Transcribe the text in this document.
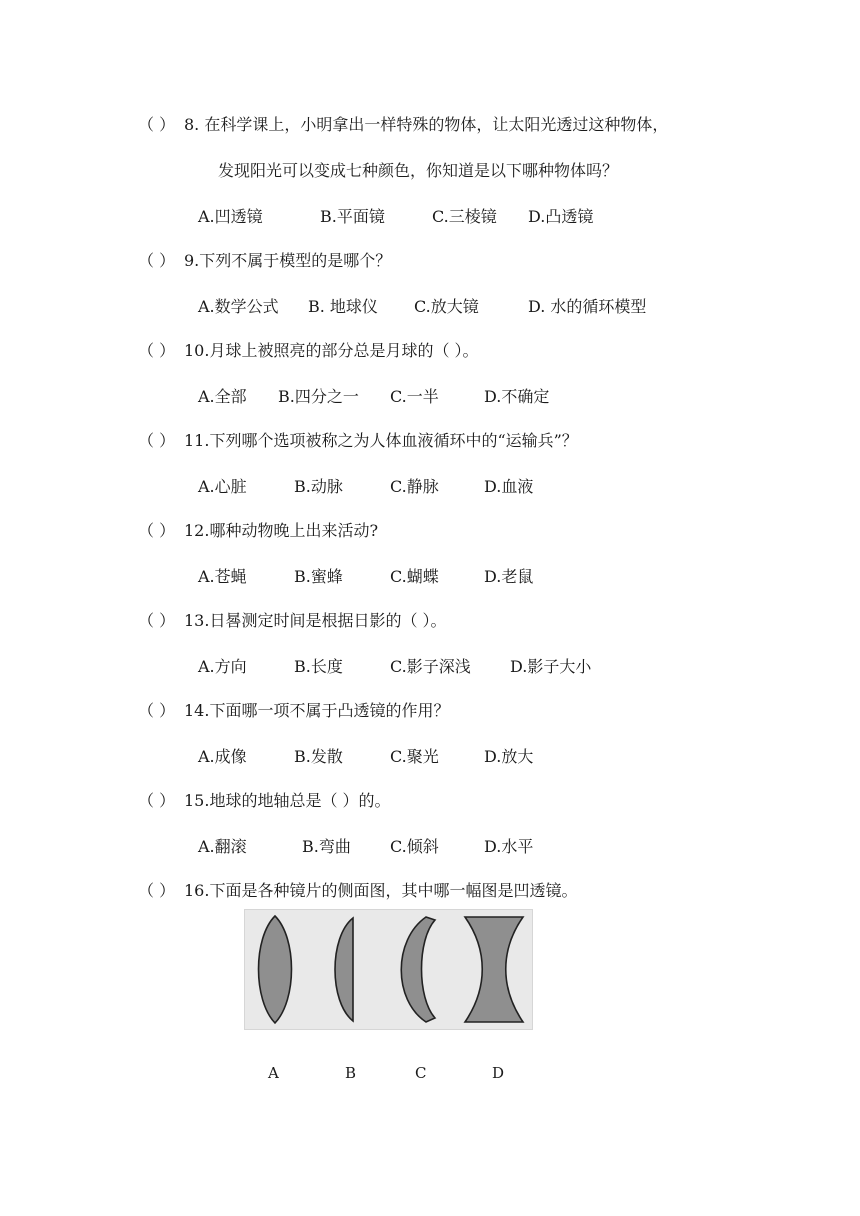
（ ） 8. 在科学课上，小明拿出一样特殊的物体，让太阳光透过这种物体，
发现阳光可以变成七种颜色，你知道是以下哪种物体吗？
A.凹透镜	B.平面镜	C.三棱镜 D.凸透镜
（ ） 9.下列不属于模型的是哪个？
A.数学公式 B. 地球仪 C.放大镜	D. 水的循环模型
（ ） 10.月球上被照亮的部分总是月球的（ ）。
A.全部 B.四分之一 C.一半	D.不确定
（ ） 11.下列哪个选项被称之为人体血液循环中的“运输兵”？
A.心脏	B.动脉	C.静脉	D.血液
（ ） 12.哪种动物晚上出来活动?
A.苍蝇	B.蜜蜂	C.蝴蝶	D.老鼠
（ ） 13.日晷测定时间是根据日影的（ ）。
A.方向	B.长度	C.影子深浅 D.影子大小
（ ） 14.下面哪一项不属于凸透镜的作用？
A.成像	B.发散	C.聚光	D.放大
（ ） 15.地球的地轴总是（ ）的。
A.翻滚	B.弯曲 C.倾斜	D.水平
（ ） 16.下面是各种镜片的侧面图，其中哪一幅图是凹透镜。
A	B	C	D
